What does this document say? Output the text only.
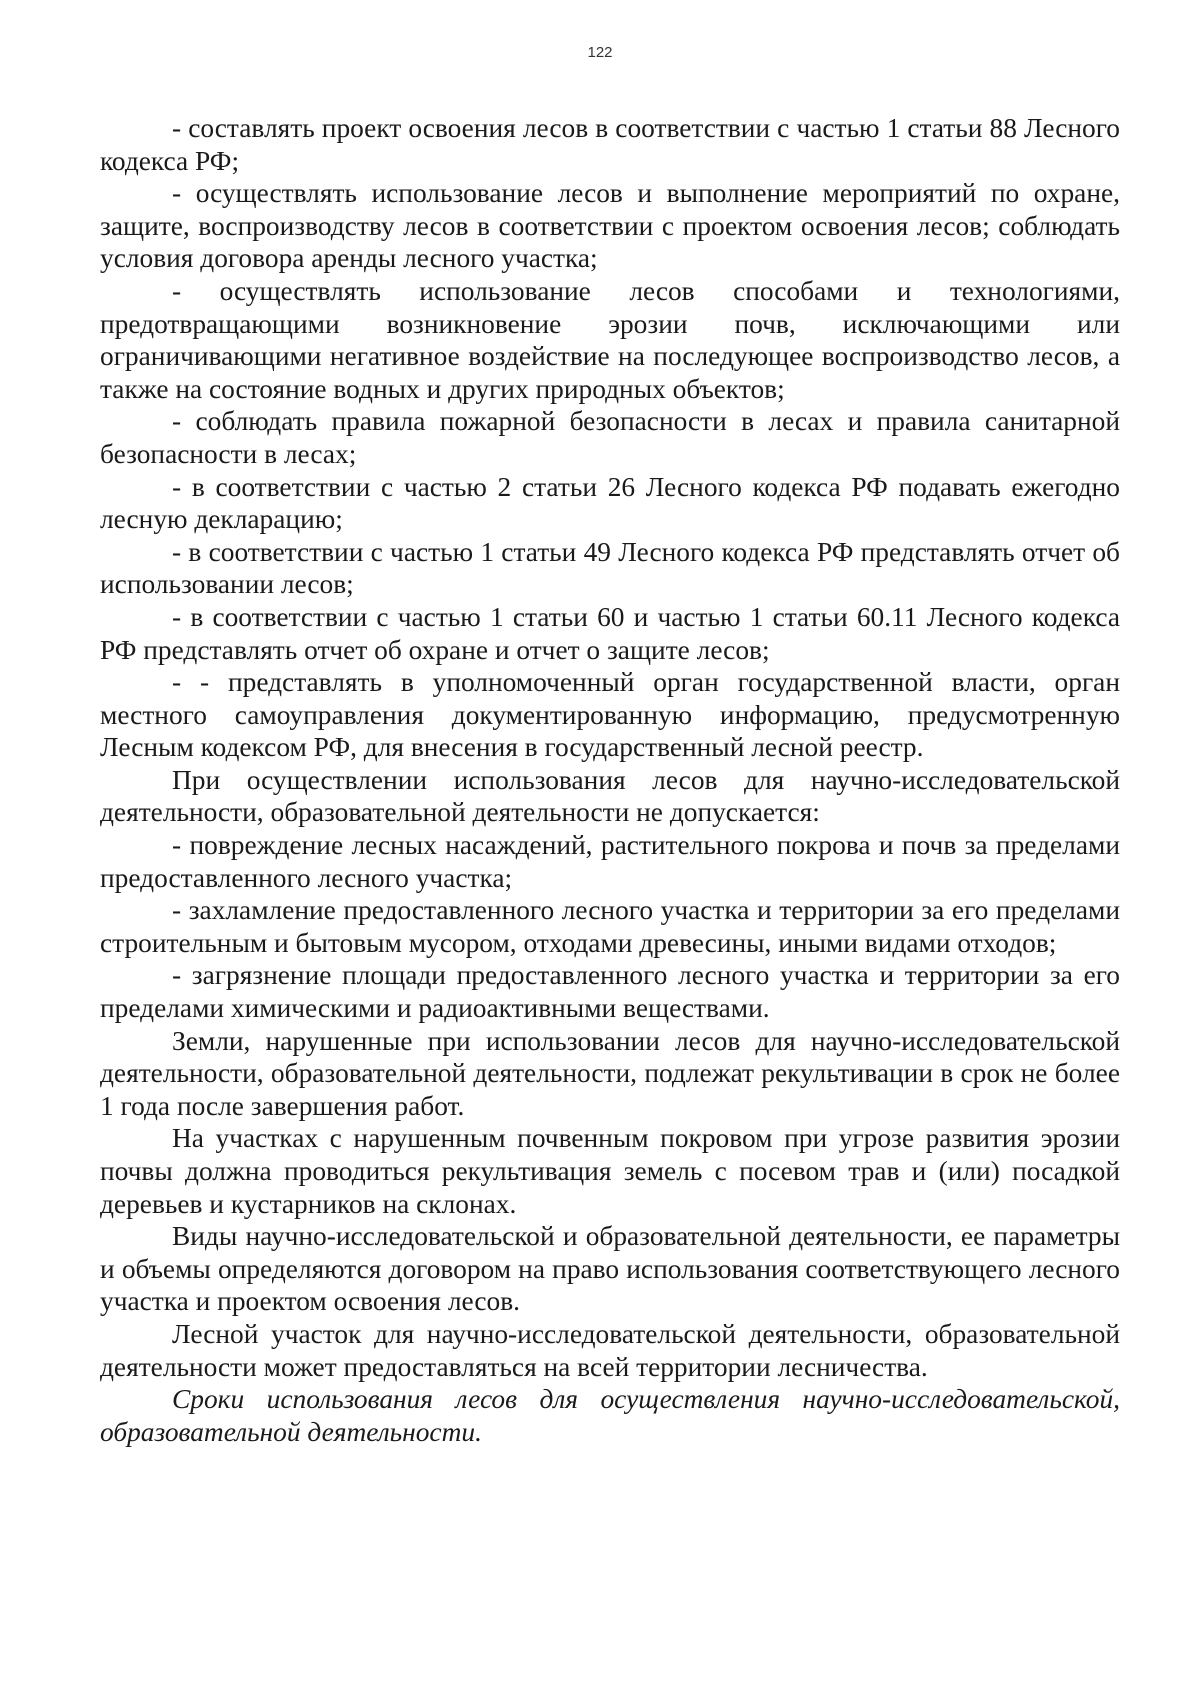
122

- составлять проект освоения лесов в соответствии с частью 1 статьи 88 Лесного кодекса РФ;

- осуществлять использование лесов и выполнение мероприятий по охране, защите, воспроизводству лесов в соответствии с проектом освоения лесов; соблюдать условия договора аренды лесного участка;

- осуществлять использование лесов способами и технологиями, предотвращающими возникновение эрозии почв, исключающими или ограничивающими негативное воздействие на последующее воспроизводство лесов, а также на состояние водных и других природных объектов;

- соблюдать правила пожарной безопасности в лесах и правила санитарной безопасности в лесах;

- в соответствии с частью 2 статьи 26 Лесного кодекса РФ подавать ежегодно лесную декларацию;

- в соответствии с частью 1 статьи 49 Лесного кодекса РФ представлять отчет об использовании лесов;

- в соответствии с частью 1 статьи 60 и частью 1 статьи 60.11 Лесного кодекса РФ представлять отчет об охране и отчет о защите лесов;

- - представлять в уполномоченный орган государственной власти, орган местного самоуправления документированную информацию, предусмотренную Лесным кодексом РФ, для внесения в государственный лесной реестр.

При осуществлении использования лесов для научно-исследовательской деятельности, образовательной деятельности не допускается:

- повреждение лесных насаждений, растительного покрова и почв за пределами предоставленного лесного участка;

- захламление предоставленного лесного участка и территории за его пределами строительным и бытовым мусором, отходами древесины, иными видами отходов;

- загрязнение площади предоставленного лесного участка и территории за его пределами химическими и радиоактивными веществами.

Земли, нарушенные при использовании лесов для научно-исследовательской деятельности, образовательной деятельности, подлежат рекультивации в срок не более 1 года после завершения работ.

На участках с нарушенным почвенным покровом при угрозе развития эрозии почвы должна проводиться рекультивация земель с посевом трав и (или) посадкой деревьев и кустарников на склонах.

Виды научно-исследовательской и образовательной деятельности, ее параметры и объемы определяются договором на право использования соответствующего лесного участка и проектом освоения лесов.

Лесной участок для научно-исследовательской деятельности, образовательной деятельности может предоставляться на всей территории лесничества.

Сроки использования лесов для осуществления научно-исследовательской, образовательной деятельности.
